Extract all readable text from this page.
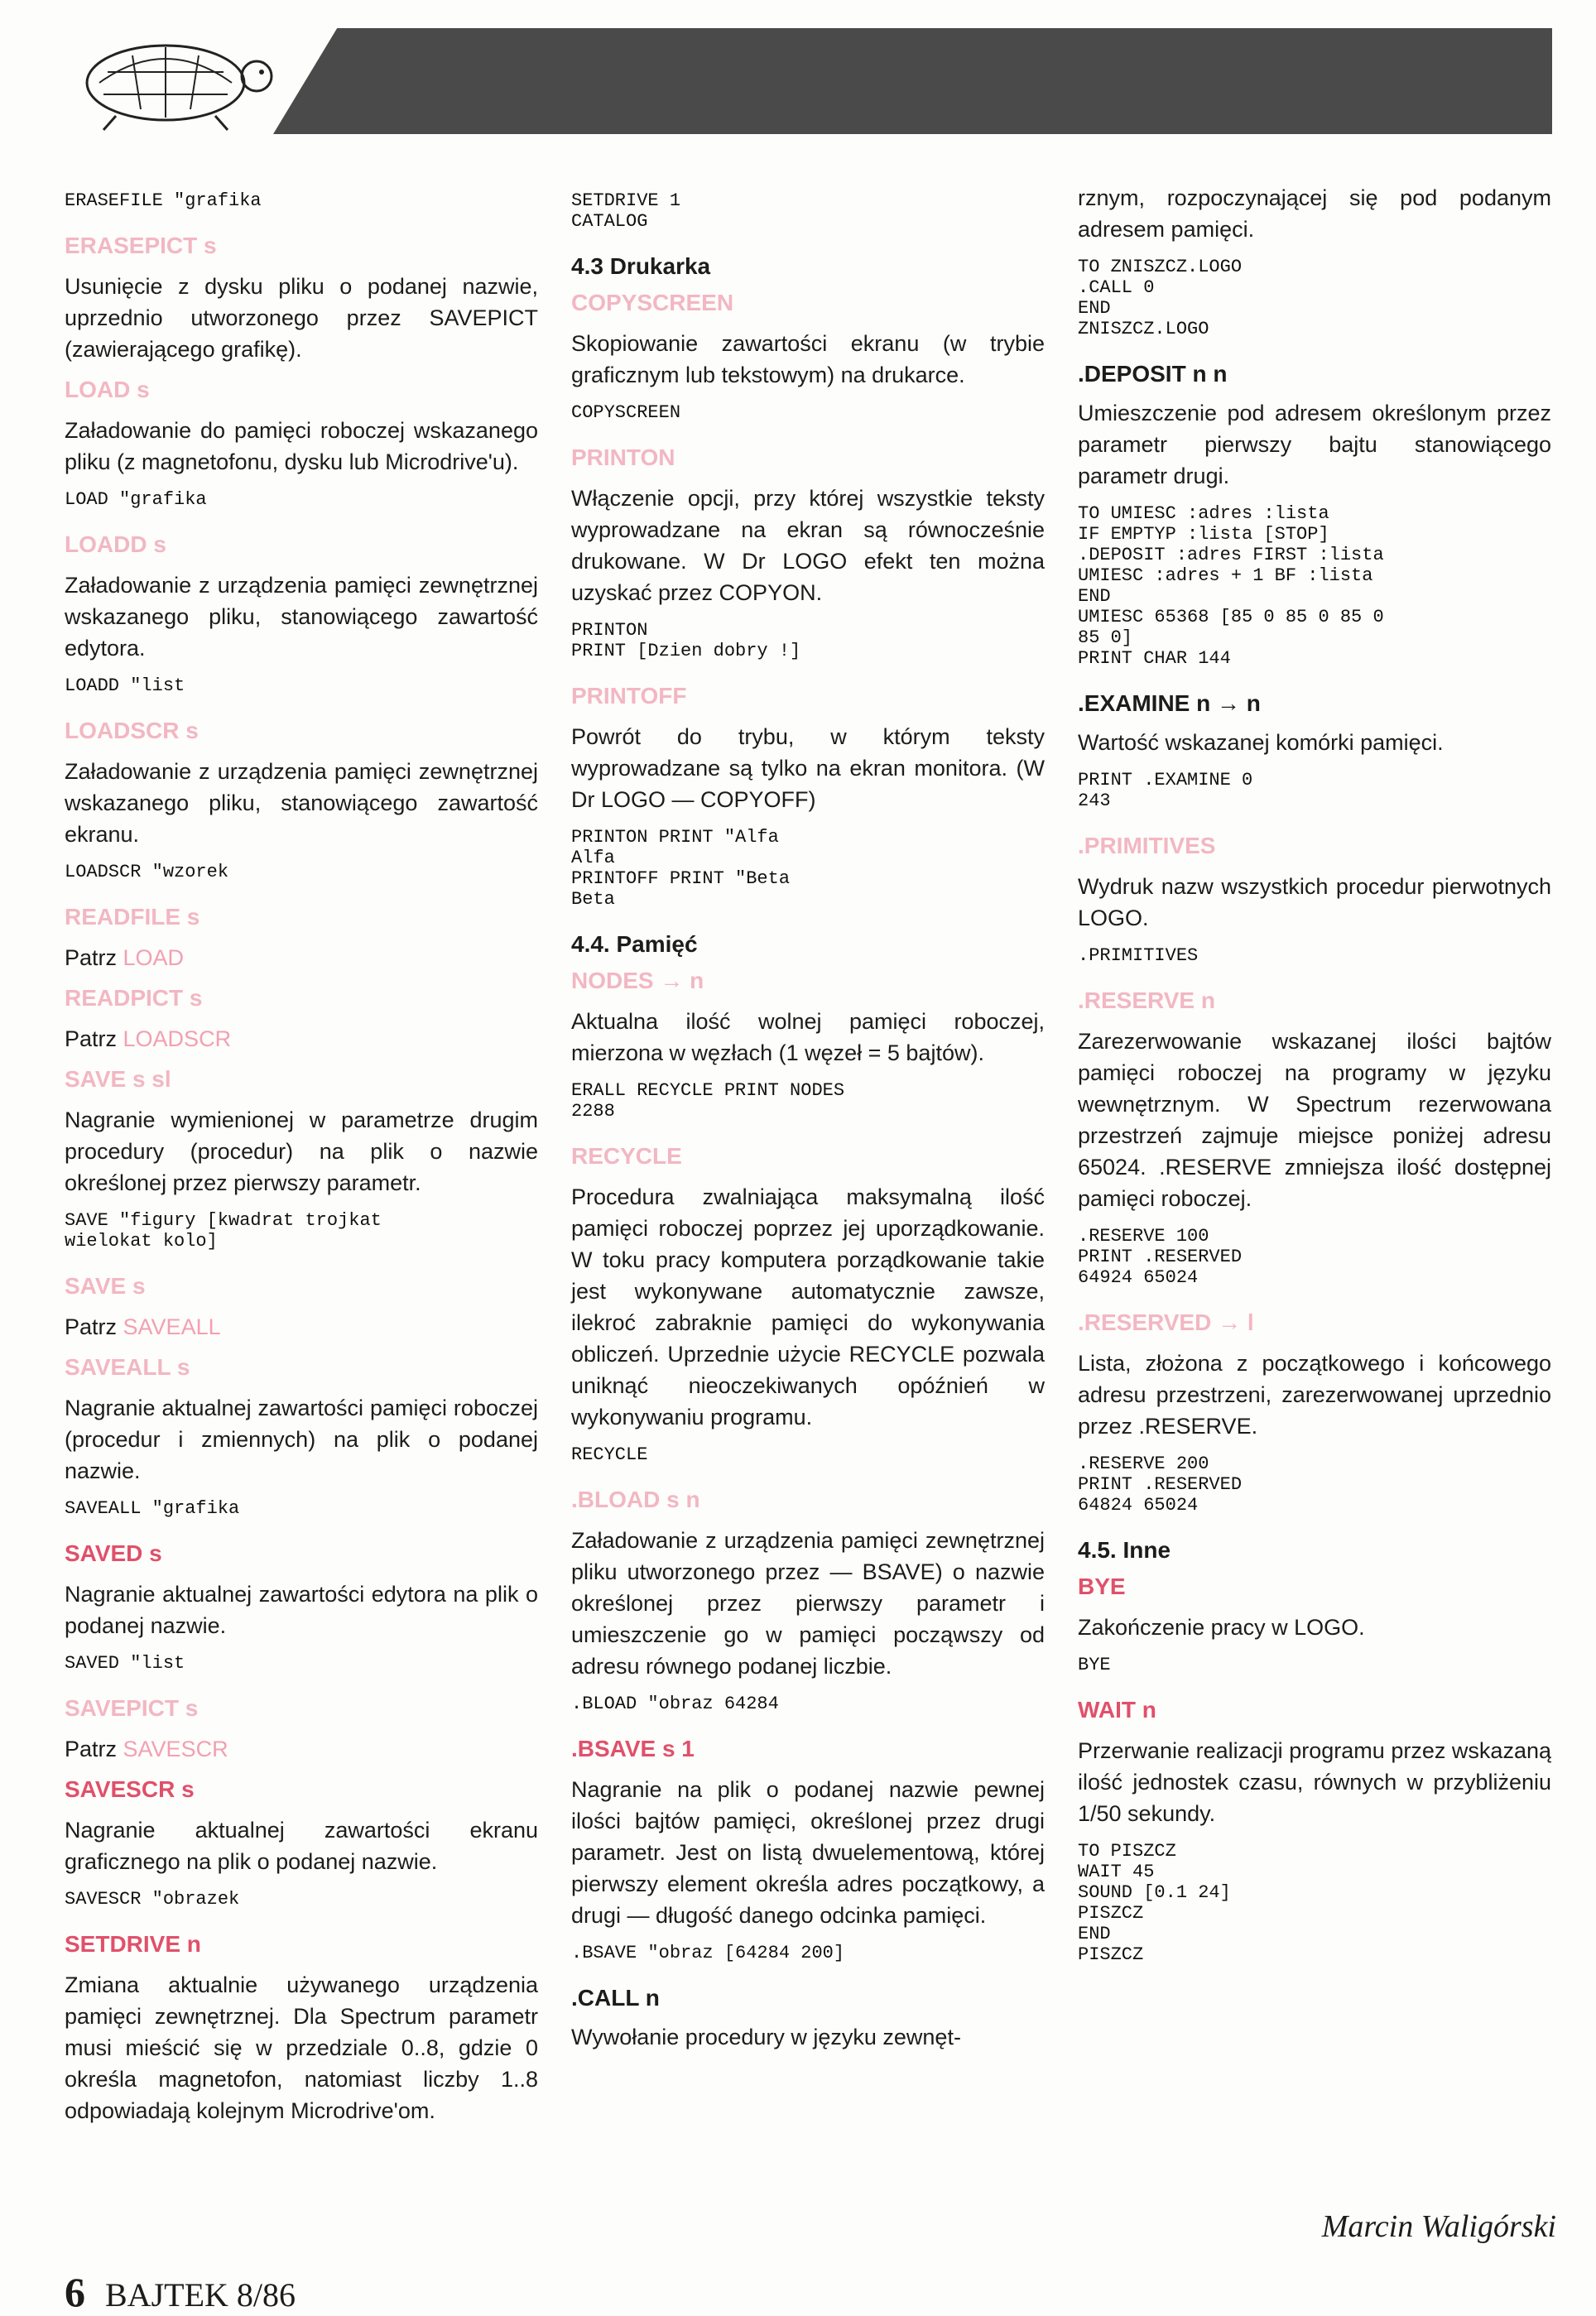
ERASEFILE "grafika
ERASEPICT s

Usunięcie z dysku pliku o podanej nazwie, uprzednio utworzonego przez SAVEPICT (zawierającego grafikę).

LOAD s

Załadowanie do pamięci roboczej wskazanego pliku (z magnetofonu, dysku lub Microdrive'u).

LOAD "grafika
LOADD s

Załadowanie z urządzenia pamięci zewnętrznej wskazanego pliku, stanowiącego zawartość edytora.

LOADD "list
LOADSCR s

Załadowanie z urządzenia pamięci zewnętrznej wskazanego pliku, stanowiącego zawartość ekranu.

LOADSCR "wzorek
READFILE s

Patrz LOAD

READPICT s

Patrz LOADSCR

SAVE s sl

Nagranie wymienionej w parametrze drugim procedury (procedur) na plik o nazwie określonej przez pierwszy parametr.

SAVE "figury [kwadrat trojkat
wielokat kolo]
SAVE s

Patrz SAVEALL

SAVEALL s

Nagranie aktualnej zawartości pamięci roboczej (procedur i zmiennych) na plik o podanej nazwie.

SAVEALL "grafika
SAVED s

Nagranie aktualnej zawartości edytora na plik o podanej nazwie.

SAVED "list
SAVEPICT s

Patrz SAVESCR

SAVESCR s

Nagranie aktualnej zawartości ekranu graficznego na plik o podanej nazwie.

SAVESCR "obrazek
SETDRIVE n

Zmiana aktualnie używanego urządzenia pamięci zewnętrznej. Dla Spectrum parametr musi mieścić się w przedziale 0..8, gdzie 0 określa magnetofon, natomiast liczby 1..8 odpowiadają kolejnym Microdrive'om.

SETDRIVE 1
CATALOG
4.3 Drukarka
COPYSCREEN

Skopiowanie zawartości ekranu (w trybie graficznym lub tekstowym) na drukarce.

COPYSCREEN
PRINTON

Włączenie opcji, przy której wszystkie teksty wyprowadzane na ekran są równocześnie drukowane. W Dr LOGO efekt ten można uzyskać przez COPYON.

PRINTON
PRINT [Dzien dobry !]
PRINTOFF

Powrót do trybu, w którym teksty wyprowadzane są tylko na ekran monitora. (W Dr LOGO — COPYOFF)

PRINTON PRINT "Alfa
Alfa
PRINTOFF PRINT "Beta
Beta
4.4. Pamięć
NODES → n

Aktualna ilość wolnej pamięci roboczej, mierzona w węzłach (1 węzeł = 5 bajtów).

ERALL RECYCLE PRINT NODES
2288
RECYCLE

Procedura zwalniająca maksymalną ilość pamięci roboczej poprzez jej uporządkowanie. W toku pracy komputera porządkowanie takie jest wykonywane automatycznie zawsze, ilekroć zabraknie pamięci do wykonywania obliczeń. Uprzednie użycie RECYCLE pozwala uniknąć nieoczekiwanych opóźnień w wykonywaniu programu.

RECYCLE
.BLOAD s n

Załadowanie z urządzenia pamięci zewnętrznej pliku utworzonego przez — BSAVE) o nazwie określonej przez pierwszy parametr i umieszczenie go w pamięci począwszy od adresu równego podanej liczbie.

.BLOAD "obraz 64284
.BSAVE s 1

Nagranie na plik o podanej nazwie pewnej ilości bajtów pamięci, określonej przez drugi parametr. Jest on listą dwuelementową, której pierwszy element określa adres początkowy, a drugi — długość danego odcinka pamięci.

.BSAVE "obraz [64284 200]
.CALL n

Wywołanie procedury w języku zewnęt-

rznym, rozpoczynającej się pod podanym adresem pamięci.

TO ZNISZCZ.LOGO
.CALL 0
END
ZNISZCZ.LOGO
.DEPOSIT n n

Umieszczenie pod adresem określonym przez parametr pierwszy bajtu stanowiącego parametr drugi.

TO UMIESC :adres :lista
IF EMPTYP :lista [STOP]
.DEPOSIT :adres FIRST :lista
UMIESC :adres + 1 BF :lista
END
UMIESC 65368 [85 0 85 0 85 0
85 0]
PRINT CHAR 144
.EXAMINE n → n

Wartość wskazanej komórki pamięci.

PRINT .EXAMINE 0
243
.PRIMITIVES

Wydruk nazw wszystkich procedur pierwotnych LOGO.

.PRIMITIVES
.RESERVE n

Zarezerwowanie wskazanej ilości bajtów pamięci roboczej na programy w języku wewnętrznym. W Spectrum rezerwowana przestrzeń zajmuje miejsce poniżej adresu 65024. .RESERVE zmniejsza ilość dostępnej pamięci roboczej.

.RESERVE 100
PRINT .RESERVED
64924 65024
.RESERVED → l

Lista, złożona z początkowego i końcowego adresu przestrzeni, zarezerwowanej uprzednio przez .RESERVE.

.RESERVE 200
PRINT .RESERVED
64824 65024
4.5. Inne
BYE

Zakończenie pracy w LOGO.

BYE
WAIT n

Przerwanie realizacji programu przez wskazaną ilość jednostek czasu, równych w przybliżeniu 1/50 sekundy.

TO PISZCZ
WAIT 45
SOUND [0.1 24]
PISZCZ
END
PISZCZ
Marcin Waligórski
6 BAJTEK 8/86
